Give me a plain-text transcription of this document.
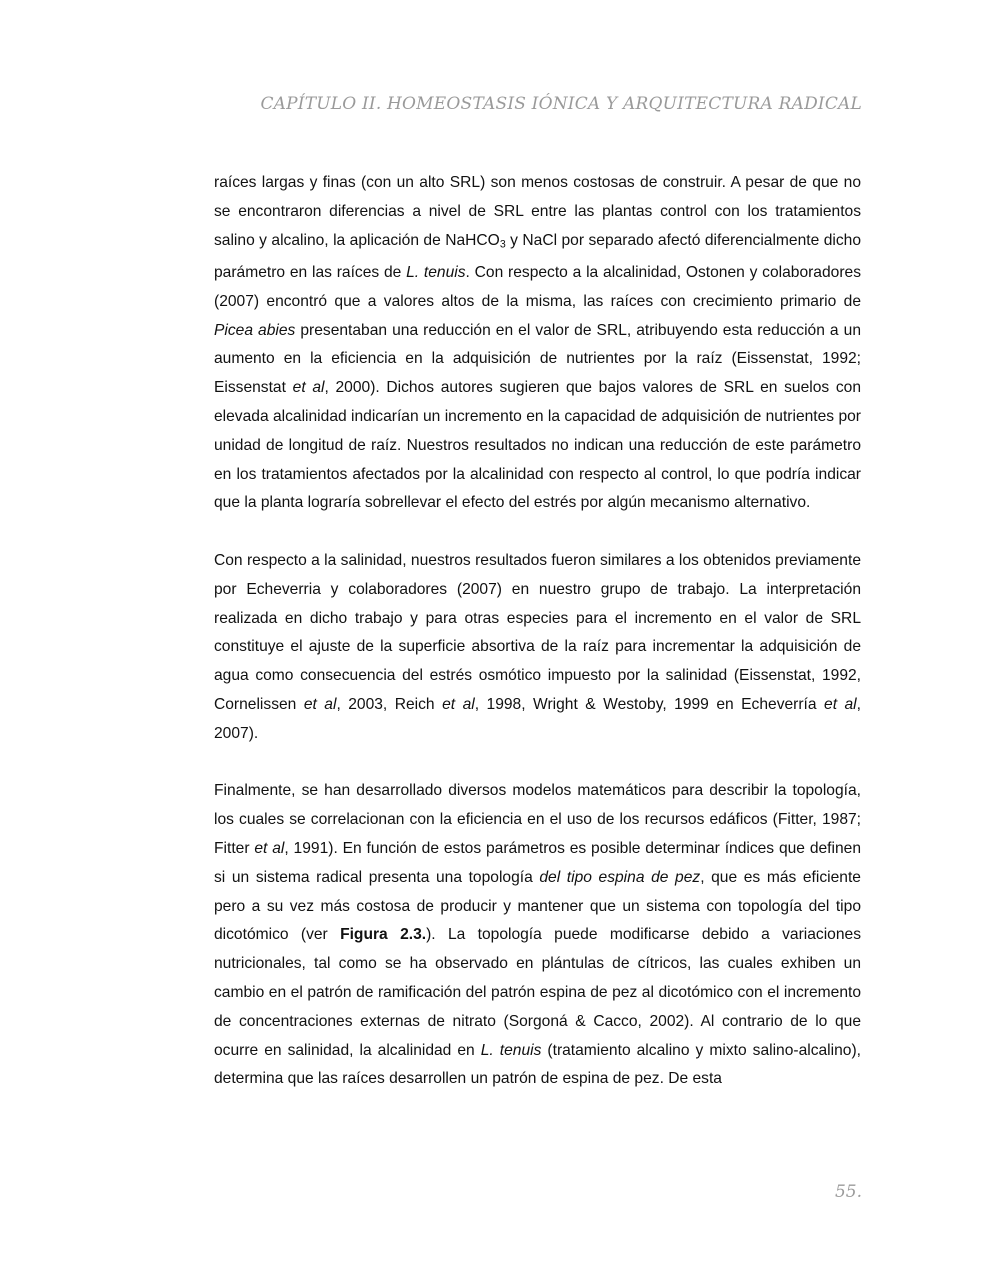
CAPÍTULO II. HOMEOSTASIS IÓNICA Y ARQUITECTURA RADICAL

raíces largas y finas (con un alto SRL) son menos costosas de construir. A pesar de que no se encontraron diferencias a nivel de SRL entre las plantas control con los tratamientos salino y alcalino, la aplicación de NaHCO$_3$ y NaCl por separado afectó diferencialmente dicho parámetro en las raíces de L. tenuis. Con respecto a la alcalinidad, Ostonen y colaboradores (2007) encontró que a valores altos de la misma, las raíces con crecimiento primario de Picea abies presentaban una reducción en el valor de SRL, atribuyendo esta reducción a un aumento en la eficiencia en la adquisición de nutrientes por la raíz (Eissenstat, 1992; Eissenstat et al, 2000). Dichos autores sugieren que bajos valores de SRL en suelos con elevada alcalinidad indicarían un incremento en la capacidad de adquisición de nutrientes por unidad de longitud de raíz. Nuestros resultados no indican una reducción de este parámetro en los tratamientos afectados por la alcalinidad con respecto al control, lo que podría indicar que la planta lograría sobrellevar el efecto del estrés por algún mecanismo alternativo.

Con respecto a la salinidad, nuestros resultados fueron similares a los obtenidos previamente por Echeverria y colaboradores (2007) en nuestro grupo de trabajo. La interpretación realizada en dicho trabajo y para otras especies para el incremento en el valor de SRL constituye el ajuste de la superficie absortiva de la raíz para incrementar la adquisición de agua como consecuencia del estrés osmótico impuesto por la salinidad (Eissenstat, 1992, Cornelissen et al, 2003, Reich et al, 1998, Wright & Westoby, 1999 en Echeverría et al, 2007).

Finalmente, se han desarrollado diversos modelos matemáticos para describir la topología, los cuales se correlacionan con la eficiencia en el uso de los recursos edáficos (Fitter, 1987; Fitter et al, 1991). En función de estos parámetros es posible determinar índices que definen si un sistema radical presenta una topología del tipo espina de pez, que es más eficiente pero a su vez más costosa de producir y mantener que un sistema con topología del tipo dicotómico (ver Figura 2.3.). La topología puede modificarse debido a variaciones nutricionales, tal como se ha observado en plántulas de cítricos, las cuales exhiben un cambio en el patrón de ramificación del patrón espina de pez al dicotómico con el incremento de concentraciones externas de nitrato (Sorgoná & Cacco, 2002). Al contrario de lo que ocurre en salinidad, la alcalinidad en L. tenuis (tratamiento alcalino y mixto salino-alcalino), determina que las raíces desarrollen un patrón de espina de pez. De esta

55.
